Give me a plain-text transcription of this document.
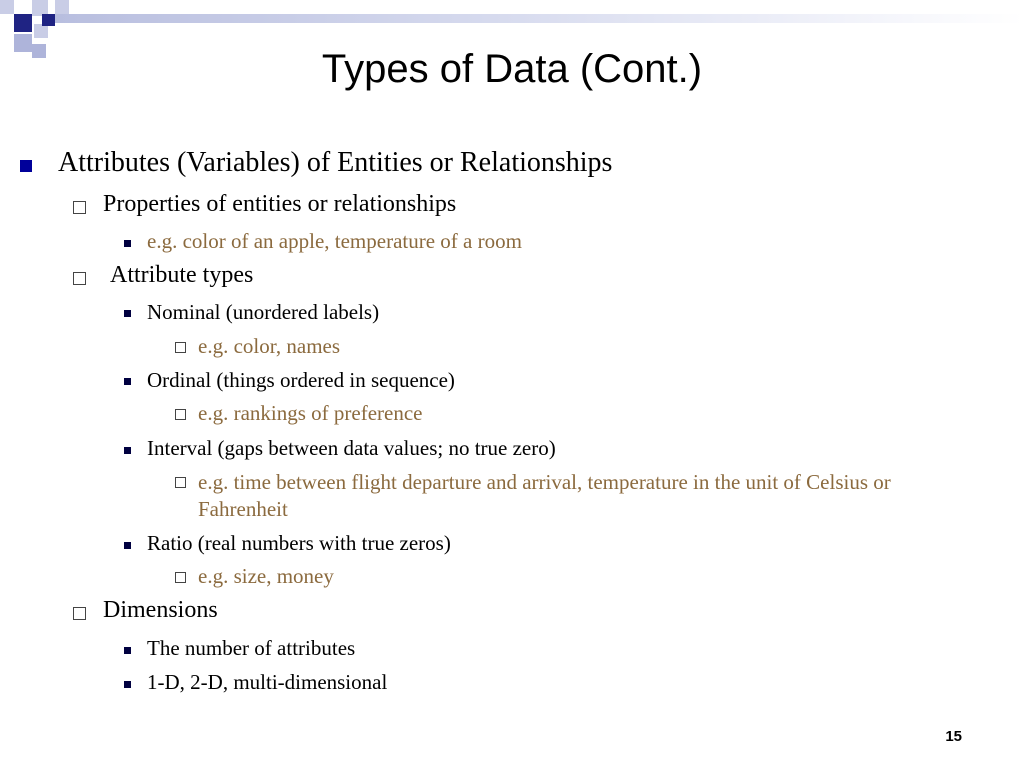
Types of Data (Cont.)
Attributes (Variables) of Entities or Relationships
Properties of entities or relationships
e.g. color of an apple, temperature of a room
Attribute types
Nominal (unordered labels)
e.g. color, names
Ordinal (things ordered in sequence)
e.g. rankings of preference
Interval (gaps between data values; no true zero)
e.g. time between flight departure and arrival, temperature in the unit of Celsius or Fahrenheit
Ratio (real numbers with true zeros)
e.g. size, money
Dimensions
The number of attributes
1-D, 2-D, multi-dimensional
15
